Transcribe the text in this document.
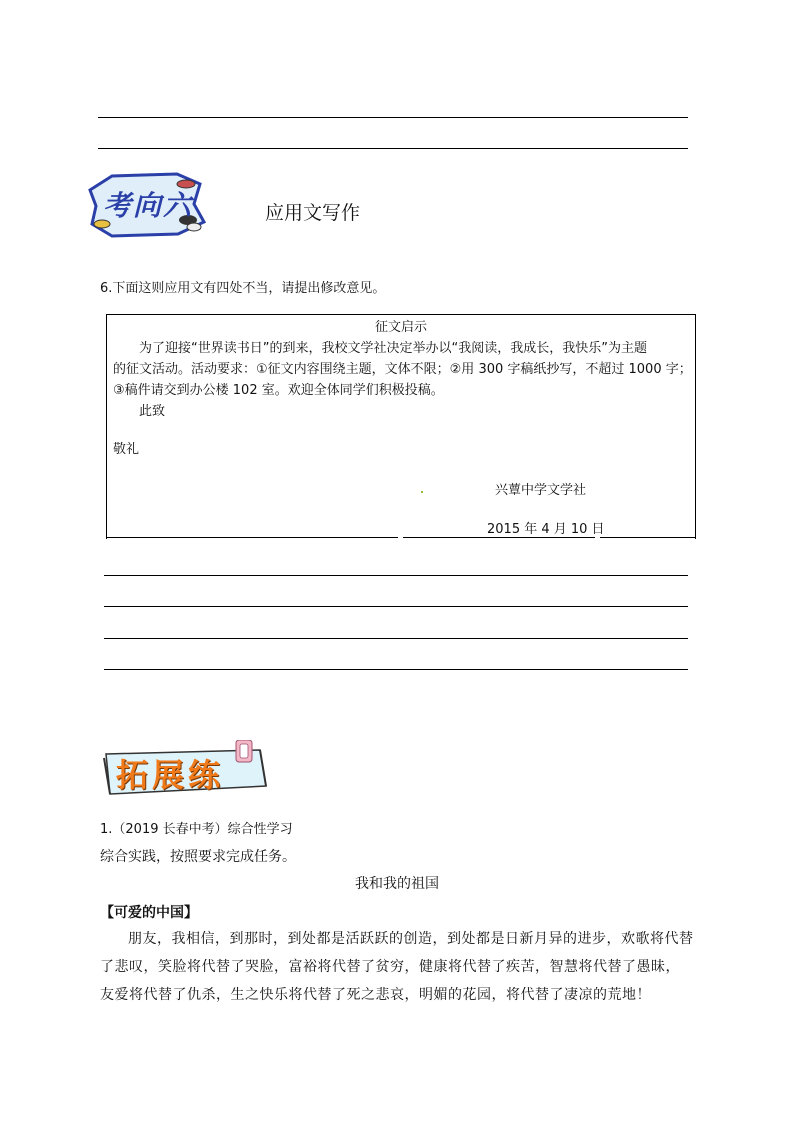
考向六	应用文写作
6.下面这则应用文有四处不当，请提出修改意见。
征文启示
为了迎接“世界读书日”的到来，我校文学社决定举办以“我阅读，我成长，我快乐”为主题
的征文活动。活动要求：①征文内容围绕主题，文体不限；②用 300 字稿纸抄写，不超过 1000 字；
③稿件请交到办公楼 102 室。欢迎全体同学们积极投稿。
此致
敬礼
兴蕈中学文学社
2015 年 4 月 10 日
拓展练
1.（2019 长春中考）综合性学习
综合实践，按照要求完成任务。
我和我的祖国
【可爱的中国】
朋友，我相信，到那时，到处都是活跃跃的创造，到处都是日新月异的进步，欢歌将代替了悲叹，笑脸将代替了哭脸，富裕将代替了贫穷，健康将代替了疾苦，智慧将代替了愚昧，友爱将代替了仇杀，生之快乐将代替了死之悲哀，明媚的花园，将代替了凄凉的荒地！
